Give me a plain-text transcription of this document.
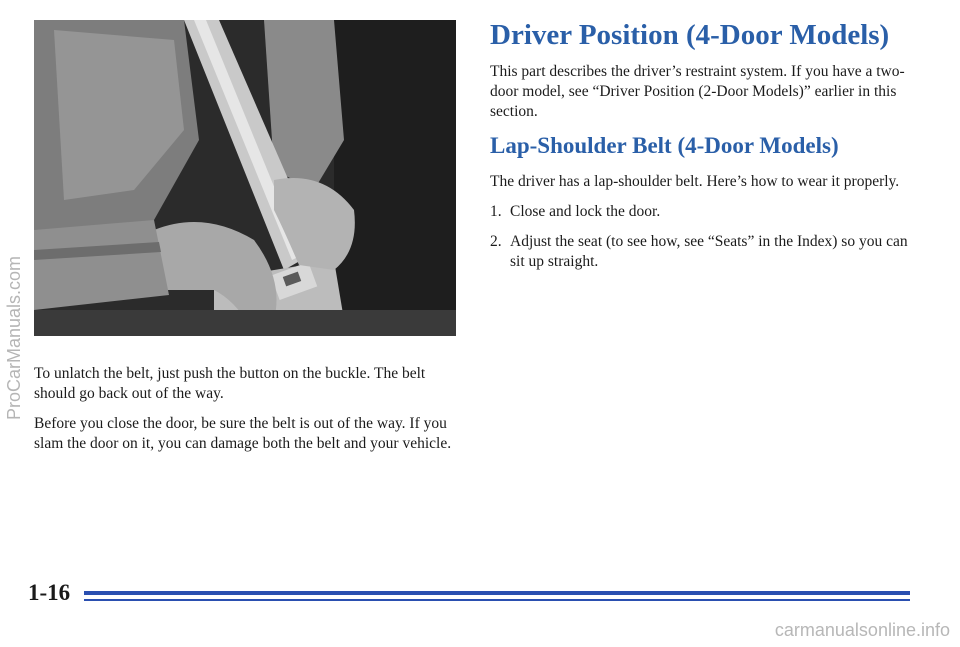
To unlatch the belt, just push the button on the buckle. The belt should go back out of the way.

Before you close the door, be sure the belt is out of the way. If you slam the door on it, you can damage both the belt and your vehicle.

Driver Position (4-Door Models)

This part describes the driver’s restraint system. If you have a two-door model, see “Driver Position (2-Door Models)” earlier in this section.

Lap-Shoulder Belt (4-Door Models)

The driver has a lap-shoulder belt. Here’s how to wear it properly.

1. Close and lock the door.
2. Adjust the seat (to see how, see “Seats” in the Index) so you can sit up straight.
1-16
ProCarManuals.com
carmanualsonline.info
